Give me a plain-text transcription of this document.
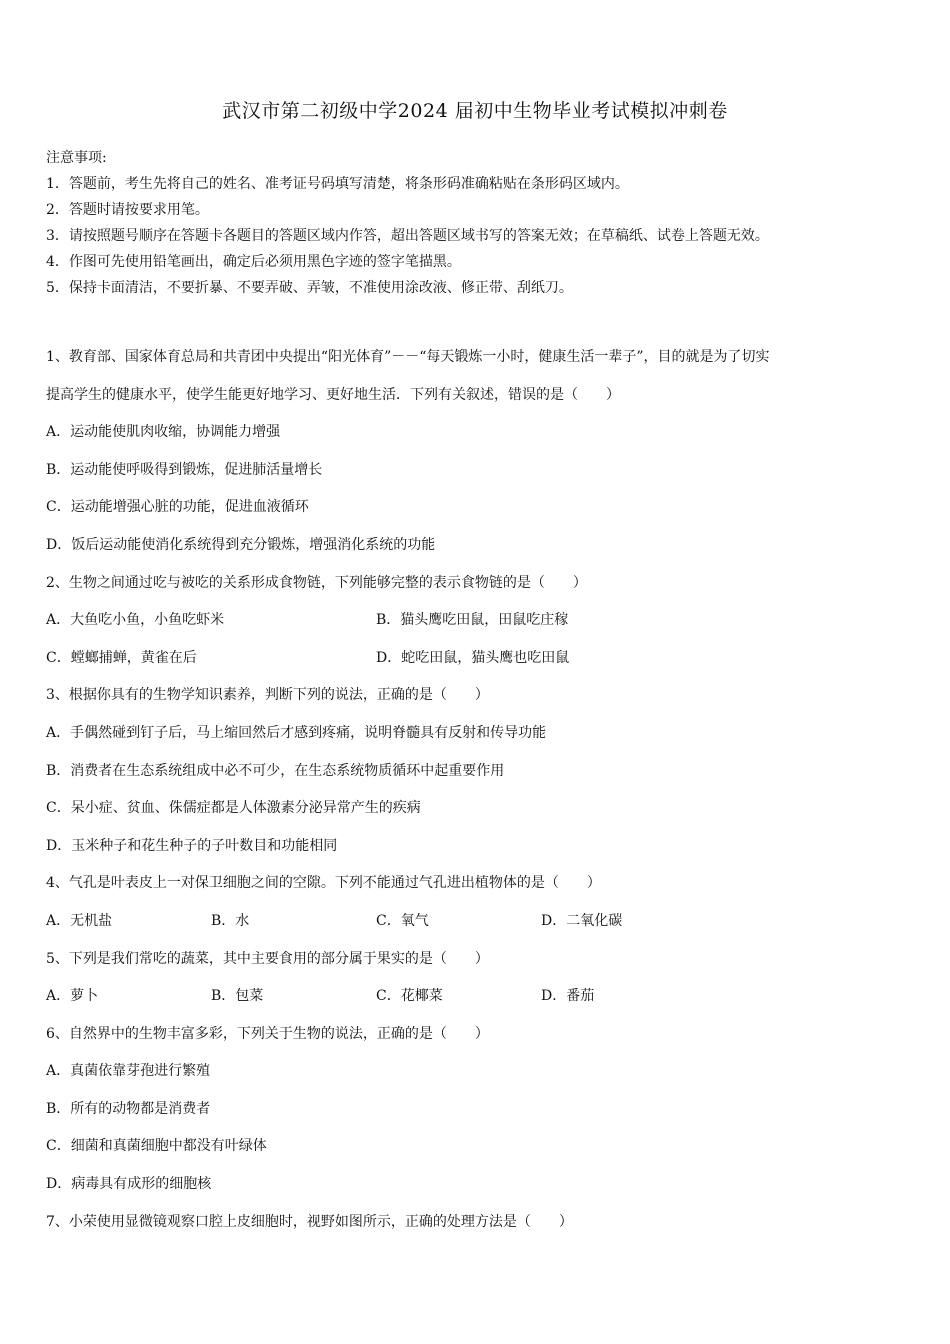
武汉市第二初级中学2024 届初中生物毕业考试模拟冲刺卷
注意事项:
1．答题前，考生先将自己的姓名、准考证号码填写清楚，将条形码准确粘贴在条形码区域内。
2．答题时请按要求用笔。
3．请按照题号顺序在答题卡各题目的答题区域内作答，超出答题区域书写的答案无效；在草稿纸、试卷上答题无效。
4．作图可先使用铅笔画出，确定后必须用黑色字迹的签字笔描黑。
5．保持卡面清洁，不要折暴、不要弄破、弄皱，不准使用涂改液、修正带、刮纸刀。
1、教育部、国家体育总局和共青团中央提出“阳光体育”－－“每天锻炼一小时，健康生活一辈子”，目的就是为了切实
提高学生的健康水平，使学生能更好地学习、更好地生活．下列有关叙述，错误的是（　　）
A．运动能使肌肉收缩，协调能力增强
B．运动能使呼吸得到锻炼，促进肺活量增长
C．运动能增强心脏的功能，促进血液循环
D．饭后运动能使消化系统得到充分锻炼，增强消化系统的功能
2、生物之间通过吃与被吃的关系形成食物链，下列能够完整的表示食物链的是（　　）
A．大鱼吃小鱼，小鱼吃虾米	B．猫头鹰吃田鼠，田鼠吃庄稼
C．螳螂捕蝉，黄雀在后	D．蛇吃田鼠，猫头鹰也吃田鼠
3、根据你具有的生物学知识素养，判断下列的说法，正确的是（　　）
A．手偶然碰到钉子后，马上缩回然后才感到疼痛，说明脊髓具有反射和传导功能
B．消费者在生态系统组成中必不可少，在生态系统物质循环中起重要作用
C．呆小症、贫血、侏儒症都是人体激素分泌异常产生的疾病
D．玉米种子和花生种子的子叶数目和功能相同
4、气孔是叶表皮上一对保卫细胞之间的空隙。下列不能通过气孔进出植物体的是（　　）
A．无机盐	B．水	C．氧气	D．二氧化碳
5、下列是我们常吃的蔬菜，其中主要食用的部分属于果实的是（　　）
A．萝卜	B．包菜	C．花椰菜	D．番茄
6、自然界中的生物丰富多彩，下列关于生物的说法，正确的是（　　）
A．真菌依靠芽孢进行繁殖
B．所有的动物都是消费者
C．细菌和真菌细胞中都没有叶绿体
D．病毒具有成形的细胞核
7、小荣使用显微镜观察口腔上皮细胞时，视野如图所示，正确的处理方法是（　　）
